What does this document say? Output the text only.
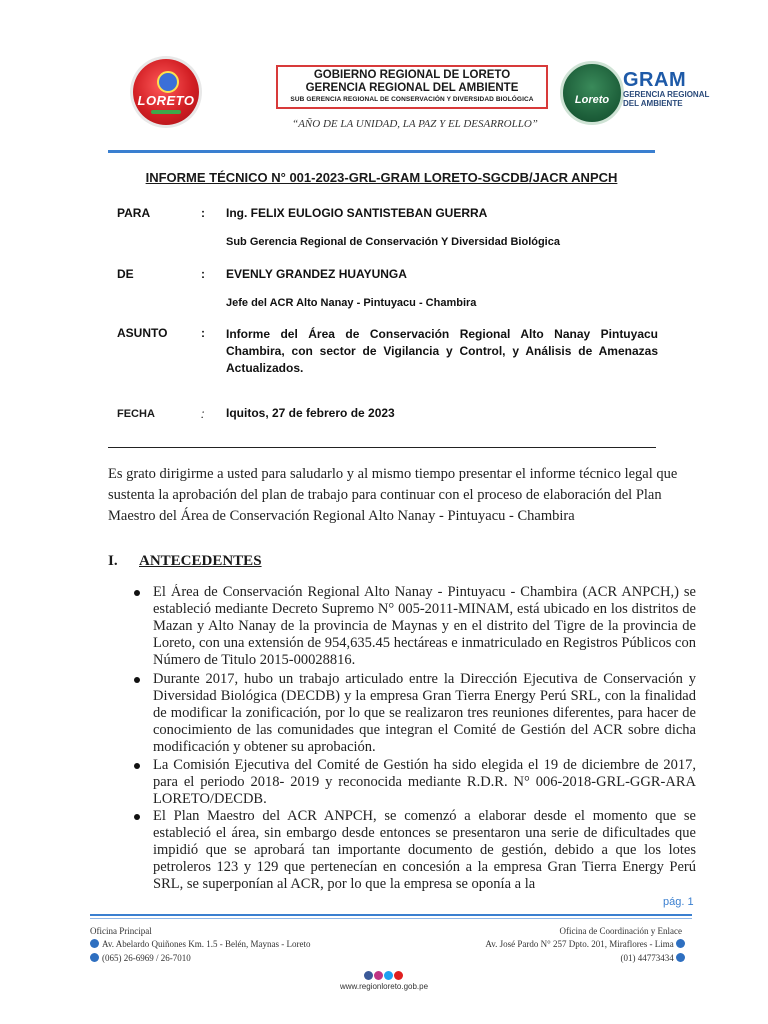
LORETO
GOBIERNO REGIONAL DE LORETO
GERENCIA REGIONAL DEL AMBIENTE
SUB GERENCIA REGIONAL DE CONSERVACIÓN Y DIVERSIDAD BIOLÓGICA	Loreto
GRAM
GERENCIA REGIONAL
DEL AMBIENTE
“AÑO DE LA UNIDAD, LA PAZ Y EL DESARROLLO”
INFORME TÉCNICO N° 001-2023-GRL-GRAM LORETO-SGCDB/JACR ANPCH
PARA	: Ing. FELIX EULOGIO SANTISTEBAN GUERRA
Sub Gerencia Regional de Conservación Y Diversidad Biológica
DE	: EVENLY GRANDEZ HUAYUNGA
Jefe del ACR Alto Nanay - Pintuyacu - Chambira
ASUNTO	: Informe del Área de Conservación Regional Alto Nanay Pintuyacu Chambira, con sector de Vigilancia y Control, y Análisis de Amenazas Actualizados.
FECHA	: Iquitos, 27 de febrero de 2023
Es grato dirigirme a usted para saludarlo y al mismo tiempo presentar el informe técnico legal que sustenta la aprobación del plan de trabajo para continuar con el proceso de elaboración del Plan Maestro del Área de Conservación Regional Alto Nanay - Pintuyacu - Chambira
I. ANTECEDENTES
El Área de Conservación Regional Alto Nanay - Pintuyacu - Chambira (ACR ANPCH,) se estableció mediante Decreto Supremo N° 005-2011-MINAM, está ubicado en los distritos de Mazan y Alto Nanay de la provincia de Maynas y en el distrito del Tigre de la provincia de Loreto, con una extensión de 954,635.45 hectáreas e inmatriculado en Registros Públicos con Número de Titulo 2015-00028816.
Durante 2017, hubo un trabajo articulado entre la Dirección Ejecutiva de Conservación y Diversidad Biológica (DECDB) y la empresa Gran Tierra Energy Perú SRL, con la finalidad de modificar la zonificación, por lo que se realizaron tres reuniones diferentes, para hacer de conocimiento de las comunidades que integran el Comité de Gestión del ACR sobre dicha modificación y obtener su aprobación.
La Comisión Ejecutiva del Comité de Gestión ha sido elegida el 19 de diciembre de 2017, para el periodo 2018- 2019 y reconocida mediante R.D.R. N° 006-2018-GRL-GGR-ARA LORETO/DECDB.
El Plan Maestro del ACR ANPCH, se comenzó a elaborar desde el momento que se estableció el área, sin embargo desde entonces se presentaron una serie de dificultades que impidió que se aprobará tan importante documento de gestión, debido a que los lotes petroleros 123 y 129 que pertenecían en concesión a la empresa Gran Tierra Energy Perú SRL, se superponían al ACR, por lo que la empresa se oponía a la
pág. 1
Oficina Principal
Av. Abelardo Quiñones Km. 1.5 - Belén, Maynas - Loreto
(065) 26-6969 / 26-7010
Oficina de Coordinación y Enlace
Av. José Pardo N° 257 Dpto. 201, Miraflores - Lima
(01) 44773434
www.regionloreto.gob.pe
